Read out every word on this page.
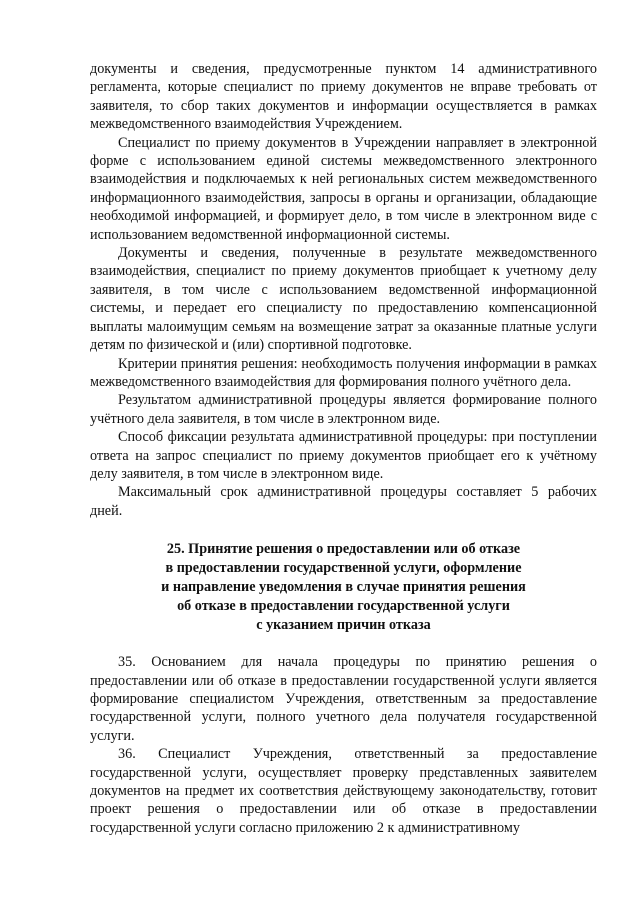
документы и сведения, предусмотренные пунктом 14 административного регламента, которые специалист по приему документов не вправе требовать от заявителя, то сбор таких документов и информации осуществляется в рамках межведомственного взаимодействия Учреждением.

Специалист по приему документов в Учреждении направляет в электронной форме с использованием единой системы межведомственного электронного взаимодействия и подключаемых к ней региональных систем межведомственного информационного взаимодействия, запросы в органы и организации, обладающие необходимой информацией, и формирует дело, в том числе в электронном виде с использованием ведомственной информационной системы.

Документы и сведения, полученные в результате межведомственного взаимодействия, специалист по приему документов приобщает к учетному делу заявителя, в том числе с использованием ведомственной информационной системы, и передает его специалисту по предоставлению компенсационной выплаты малоимущим семьям на возмещение затрат за оказанные платные услуги детям по физической и (или) спортивной подготовке.

Критерии принятия решения: необходимость получения информации в рамках межведомственного взаимодействия для формирования полного учётного дела.

Результатом административной процедуры является формирование полного учётного дела заявителя, в том числе в электронном виде.

Способ фиксации результата административной процедуры: при поступлении ответа на запрос специалист по приему документов приобщает его к учётному делу заявителя, в том числе в электронном виде.

Максимальный срок административной процедуры составляет 5 рабочих дней.

25. Принятие решения о предоставлении или об отказе
в предоставлении государственной услуги, оформление
и направление уведомления в случае принятия решения
об отказе в предоставлении государственной услуги
с указанием причин отказа

35. Основанием для начала процедуры по принятию решения о предоставлении или об отказе в предоставлении государственной услуги является формирование специалистом Учреждения, ответственным за предоставление государственной услуги, полного учетного дела получателя государственной услуги.

36. Специалист Учреждения, ответственный за предоставление государственной услуги, осуществляет проверку представленных заявителем документов на предмет их соответствия действующему законодательству, готовит проект решения о предоставлении или об отказе в предоставлении государственной услуги согласно приложению 2 к административному
